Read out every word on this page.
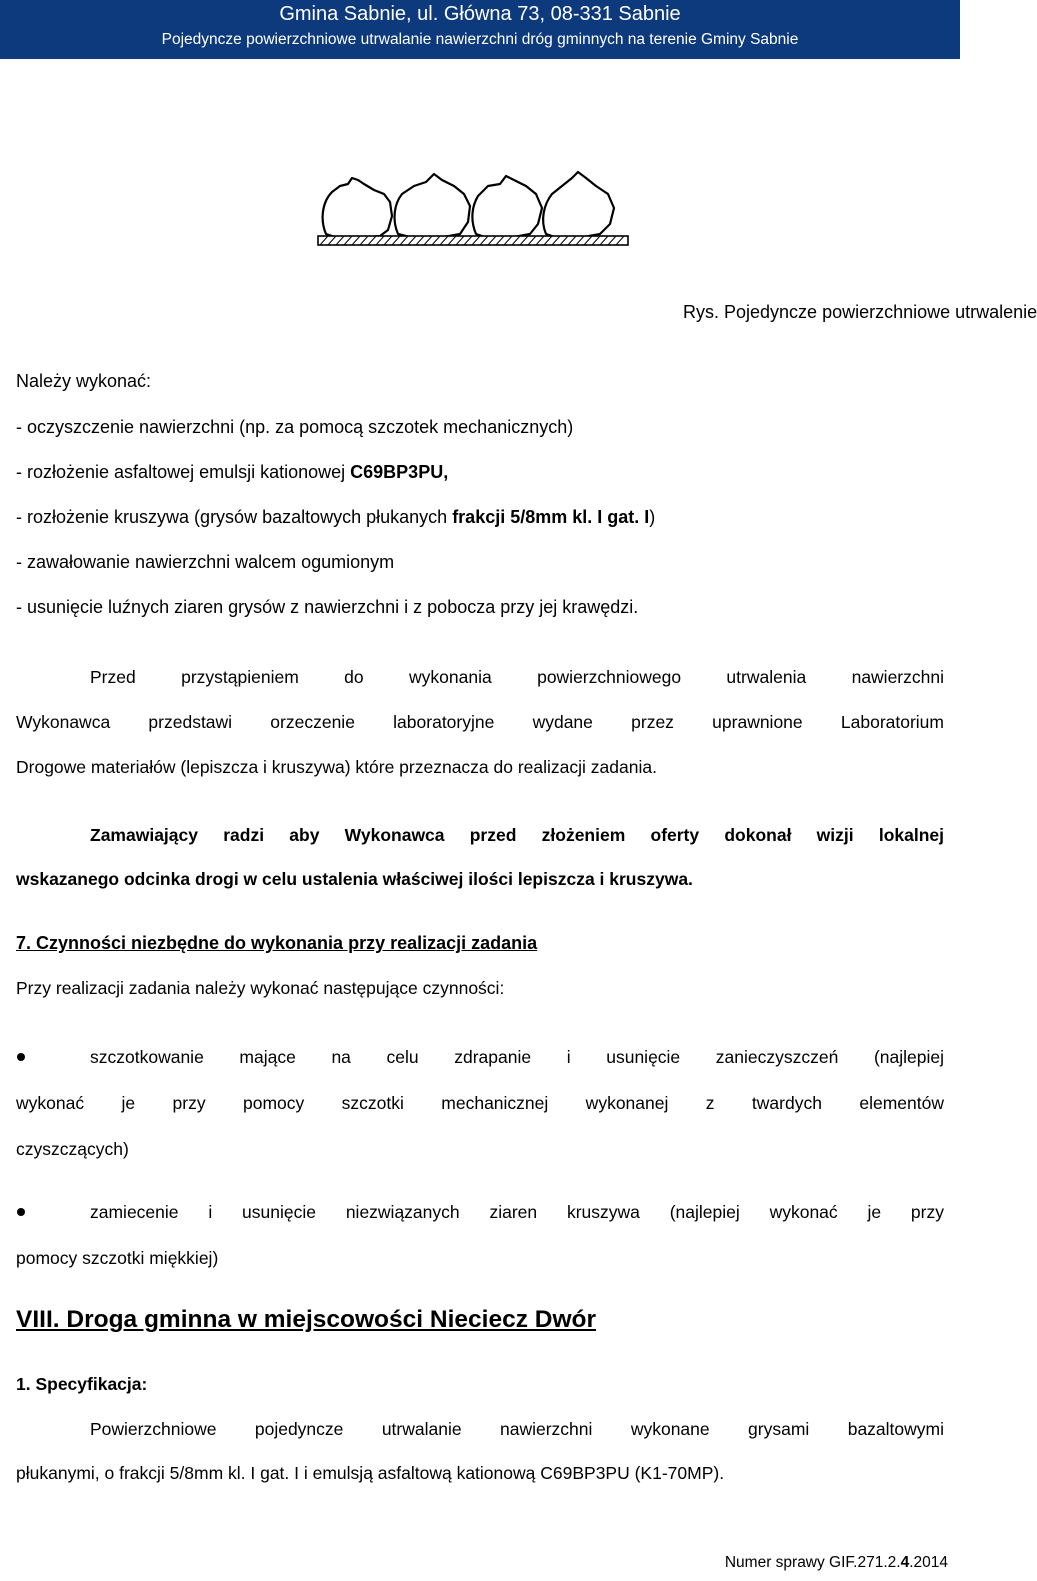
Gmina Sabnie, ul. Główna 73, 08-331 Sabnie
Pojedyncze powierzchniowe utrwalanie nawierzchni dróg gminnych na terenie Gminy Sabnie
Rys. Pojedyncze powierzchniowe utrwalenie
Należy wykonać:
- oczyszczenie nawierzchni (np. za pomocą szczotek mechanicznych)
- rozłożenie asfaltowej emulsji kationowej C69BP3PU,
- rozłożenie kruszywa (grysów bazaltowych płukanych frakcji 5/8mm kl. I gat. I)
- zawałowanie nawierzchni walcem ogumionym
- usunięcie luźnych ziaren grysów z nawierzchni i z pobocza przy jej krawędzi.
Przed przystąpieniem do wykonania powierzchniowego utrwalenia nawierzchni
Wykonawca przedstawi orzeczenie laboratoryjne wydane przez uprawnione Laboratorium
Drogowe materiałów (lepiszcza i kruszywa) które przeznacza do realizacji zadania.
Zamawiający radzi aby Wykonawca przed złożeniem oferty dokonał wizji lokalnej
wskazanego odcinka drogi w celu ustalenia właściwej ilości lepiszcza i kruszywa.
7. Czynności niezbędne do wykonania przy realizacji zadania
Przy realizacji zadania należy wykonać następujące czynności:
szczotkowanie mające na celu zdrapanie i usunięcie zanieczyszczeń (najlepiej
wykonać je przy pomocy szczotki mechanicznej wykonanej z twardych elementów
czyszczących)
zamiecenie i usunięcie niezwiązanych ziaren kruszywa (najlepiej wykonać je przy
pomocy szczotki miękkiej)
VIII. Droga gminna w miejscowości Nieciecz Dwór
1. Specyfikacja:
Powierzchniowe pojedyncze utrwalanie nawierzchni wykonane grysami bazaltowymi
płukanymi, o frakcji 5/8mm kl. I gat. I i emulsją asfaltową kationową C69BP3PU (K1-70MP).
Numer sprawy GIF.271.2.4.2014
